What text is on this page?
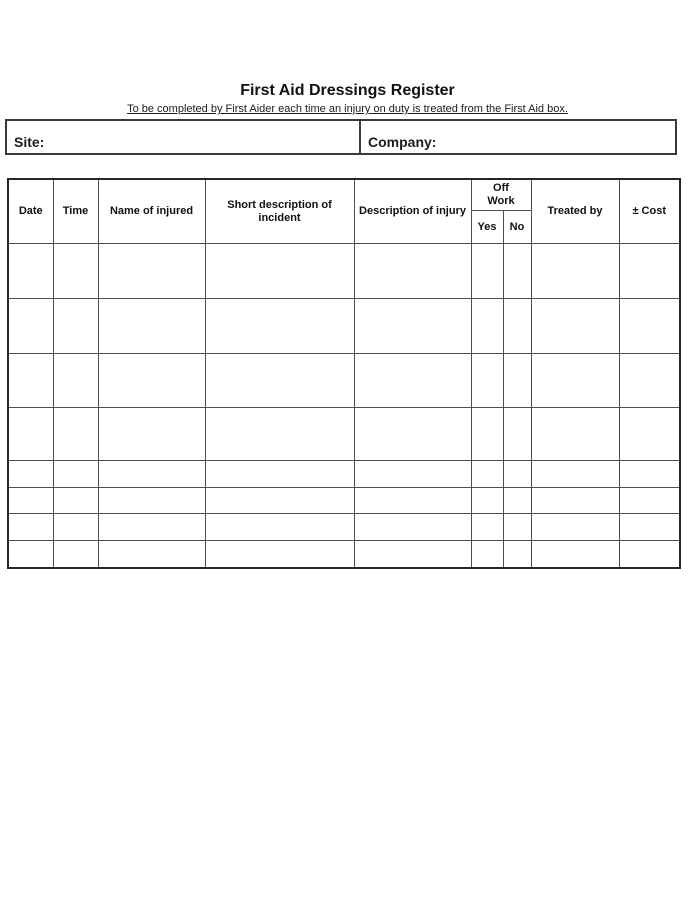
First Aid Dressings Register
To be completed by First Aider each time an injury on duty is treated from the First Aid box.
Site:	Company:
Date	Time	Name of injured	Short description of incident	Description of injury	Off Work		Treated by	± Cost
					Yes	No		
